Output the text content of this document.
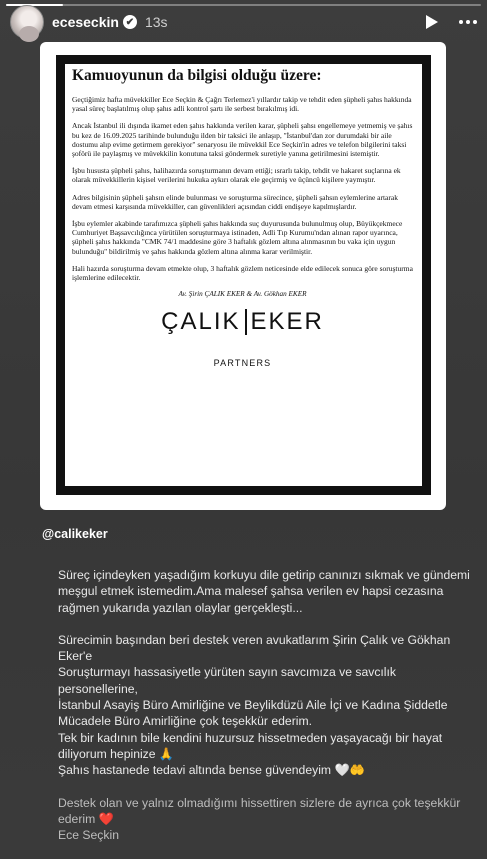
eceseckin ✔ 13s
Kamuoyunun da bilgisi olduğu üzere:

Geçtiğimiz hafta müvekkiller Ece Seçkin & Çağrı Terlemez'i yıllardır takip ve tehdit eden şüpheli şahıs hakkında yasal süreç başlatılmış olup şahıs adli kontrol şartı ile serbest bırakılmış idi.

Ancak İstanbul ili dışında ikamet eden şahıs hakkında verilen karar, şüpheli şahsı engellemeye yetmemiş ve şahıs bu kez de 16.09.2025 tarihinde bulunduğu ilden bir taksici ile anlaşıp, "İstanbul'dan zor durumdaki bir aile dostumu alıp evime getirmem gerekiyor" senaryosu ile müvekkil Ece Seçkin'in adres ve telefon bilgilerini taksi şoförü ile paylaşmış ve müvekkilin konutuna taksi göndermek suretiyle yanına getirilmesini istemiştir.

İşbu hususta şüpheli şahıs, halihazırda soruşturmanın devam ettiği; ısrarlı takip, tehdit ve hakaret suçlarına ek olarak müvekkillerin kişisel verilerini hukuka aykırı olarak ele geçirmiş ve üçüncü kişilere yaymıştır.

Adres bilgisinin şüpheli şahsın elinde bulunması ve soruşturma sürecince, şüpheli şahsın eylemlerine artarak devam etmesi karşısında müvekkiller, can güvenlikleri açısından ciddi endişeye kapılmışlardır.

İşbu eylemler akabinde tarafımızca şüpheli şahıs hakkında suç duyurusunda bulunulmuş olup, Büyükçekmece Cumhuriyet Başsavcılığınca yürütülen soruşturmaya istinaden, Adli Tıp Kurumu'ndan alınan rapor uyarınca, şüpheli şahıs hakkında "CMK 74/1 maddesine göre 3 haftalık gözlem altına alınmasının bu vaka için uygun bulunduğu" bildirilmiş ve şahıs hakkında gözlem altına alınma karar verilmiştir.

Hali hazırda soruşturma devam etmekte olup, 3 haftalık gözlem neticesinde elde edilecek sonuca göre soruşturma işlemlerine edilecektir.

Av. Şirin ÇALIK EKER & Av. Gökhan EKER
ÇALIK EKER
PARTNERS
@calikeker
Süreç içindeyken yaşadığım korkuyu dile getirip canınızı sıkmak ve gündemi
meşgul etmek istemedim.Ama malesef şahsa verilen ev hapsi cezasına
rağmen yukarıda yazılan olaylar gerçekleşti...
Sürecimin başından beri destek veren avukatlarım Şirin Çalık ve Gökhan
Eker'e
Soruşturmayı hassasiyetle yürüten sayın savcımıza ve savcılık
personellerine,
İstanbul Asayiş Büro Amirliğine ve Beylikdüzü Aile İçi ve Kadına Şiddetle
Mücadele Büro Amirliğine çok teşekkür ederim.
Tek bir kadının bile kendini huzursuz hissetmeden yaşayacağı bir hayat
diliyorum hepinize 🙏
Şahıs hastanede tedavi altında bense güvendeyim 🤍🤲
Destek olan ve yalnız olmadığımı hissettiren sizlere de ayrıca çok teşekkür
ederim ❤️
Ece Seçkin
